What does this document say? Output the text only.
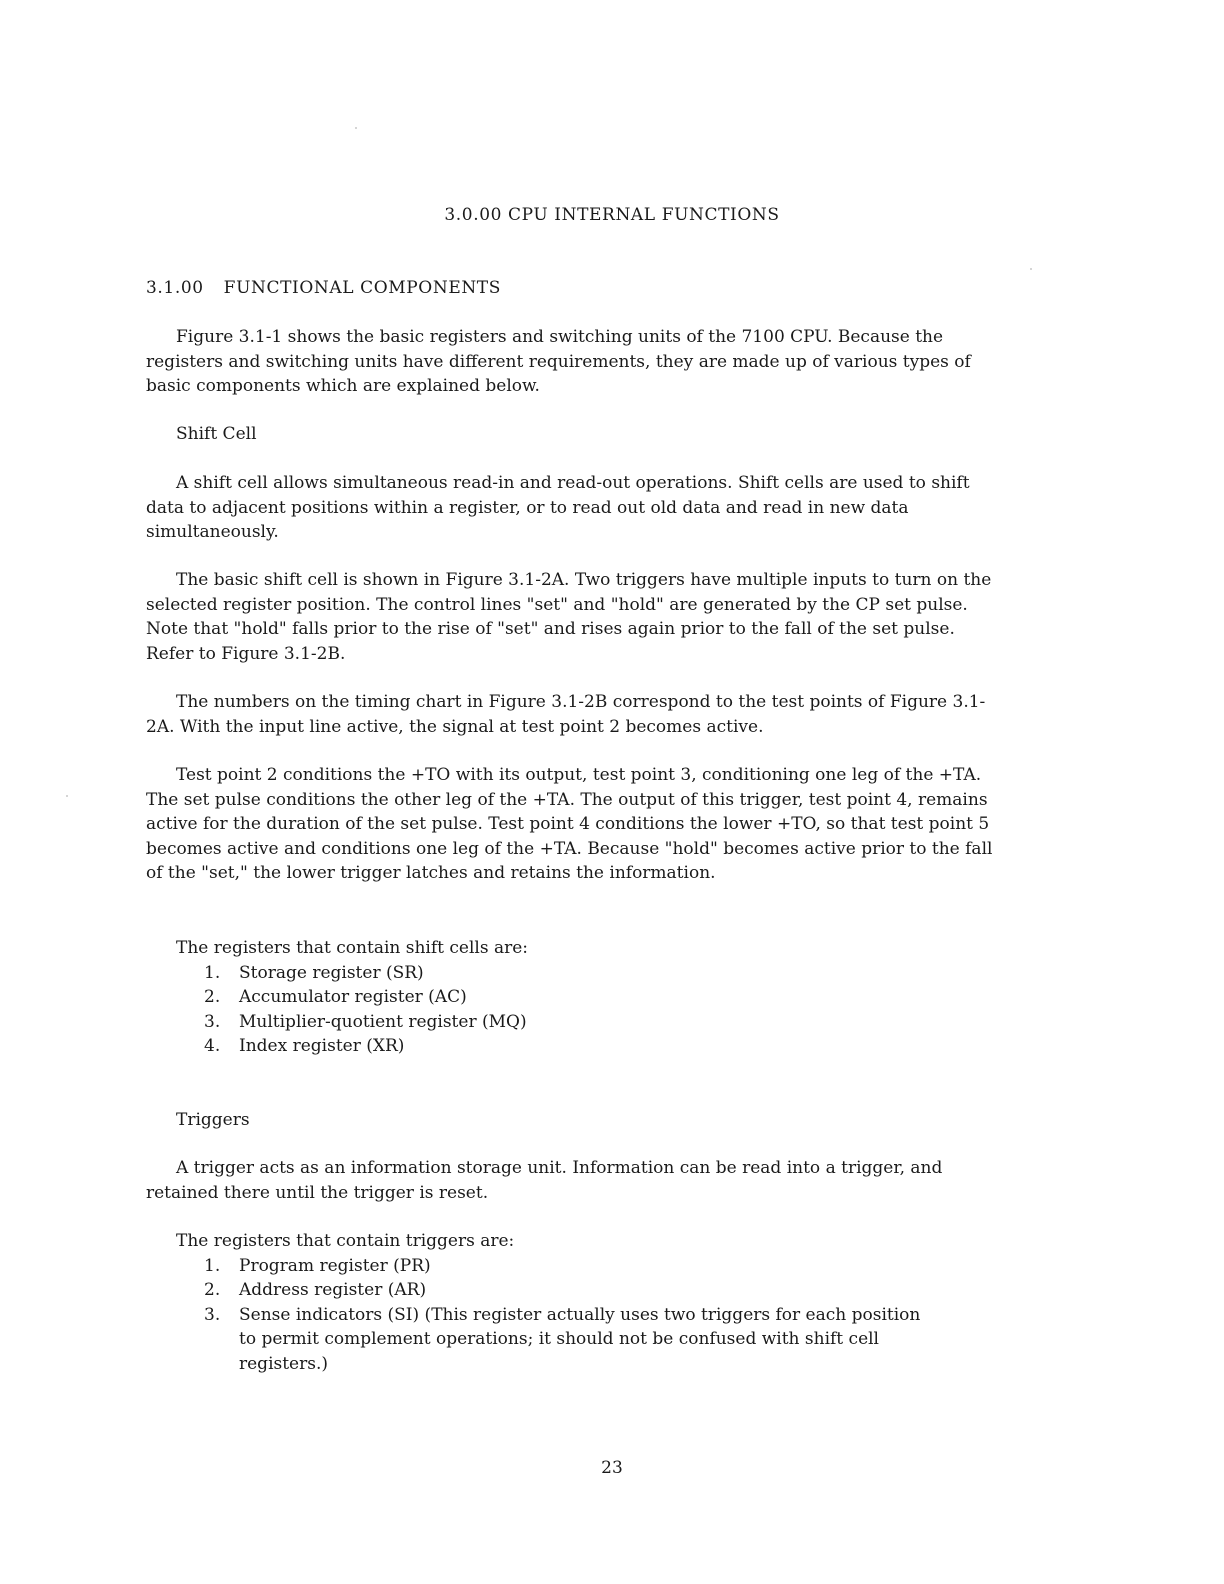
3.0.00 CPU INTERNAL FUNCTIONS
3.1.00 FUNCTIONAL COMPONENTS

Figure 3.1-1 shows the basic registers and switching units of the 7100 CPU. Because the registers and switching units have different requirements, they are made up of various types of basic components which are explained below.

Shift Cell

A shift cell allows simultaneous read-in and read-out operations. Shift cells are used to shift data to adjacent positions within a register, or to read out old data and read in new data simultaneously.

The basic shift cell is shown in Figure 3.1-2A. Two triggers have multiple inputs to turn on the selected register position. The control lines "set" and "hold" are generated by the CP set pulse. Note that "hold" falls prior to the rise of "set" and rises again prior to the fall of the set pulse. Refer to Figure 3.1-2B.

The numbers on the timing chart in Figure 3.1-2B correspond to the test points of Figure 3.1-2A. With the input line active, the signal at test point 2 becomes active.

Test point 2 conditions the +TO with its output, test point 3, conditioning one leg of the +TA. The set pulse conditions the other leg of the +TA. The output of this trigger, test point 4, remains active for the duration of the set pulse. Test point 4 conditions the lower +TO, so that test point 5 becomes active and conditions one leg of the +TA. Because "hold" becomes active prior to the fall of the "set," the lower trigger latches and retains the information.

The registers that contain shift cells are:

1.	Storage register (SR)
2.	Accumulator register (AC)
3.	Multiplier-quotient register (MQ)
4.	Index register (XR)
Triggers

A trigger acts as an information storage unit. Information can be read into a trigger, and retained there until the trigger is reset.

The registers that contain triggers are:

1.	Program register (PR)
2.	Address register (AR)
3.	Sense indicators (SI) (This register actually uses two triggers for each position to permit complement operations; it should not be confused with shift cell registers.)
23
